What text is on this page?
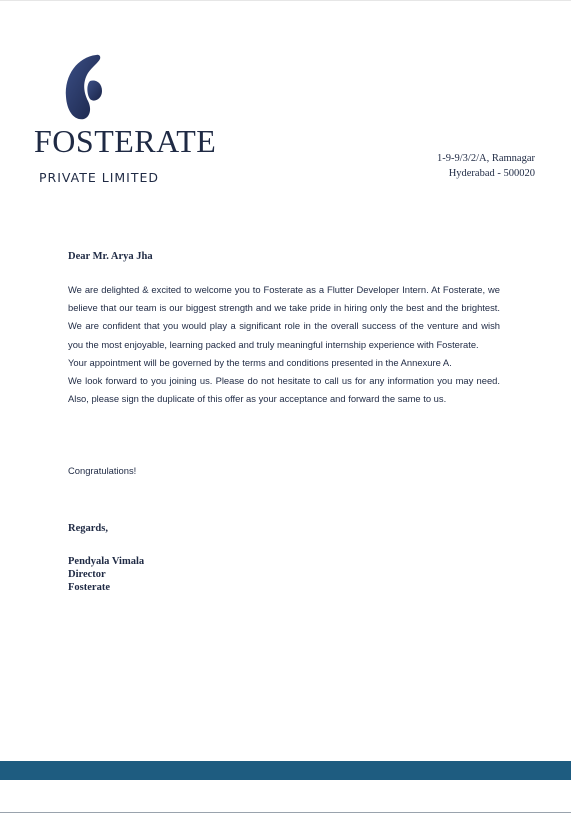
FOSTERATE
PRIVATE LIMITED
1-9-9/3/2/A, Ramnagar
Hyderabad - 500020
Dear Mr. Arya Jha

We are delighted & excited to welcome you to Fosterate as a Flutter Developer Intern. At Fosterate, we believe that our team is our biggest strength and we take pride in hiring only the best and the brightest. We are confident that you would play a significant role in the overall success of the venture and wish you the most enjoyable, learning packed and truly meaningful internship experience with Fosterate.

Your appointment will be governed by the terms and conditions presented in the Annexure A.

We look forward to you joining us. Please do not hesitate to call us for any information you may need. Also, please sign the duplicate of this offer as your acceptance and forward the same to us.

Congratulations!
Regards,
Pendyala Vimala
Director
Fosterate
